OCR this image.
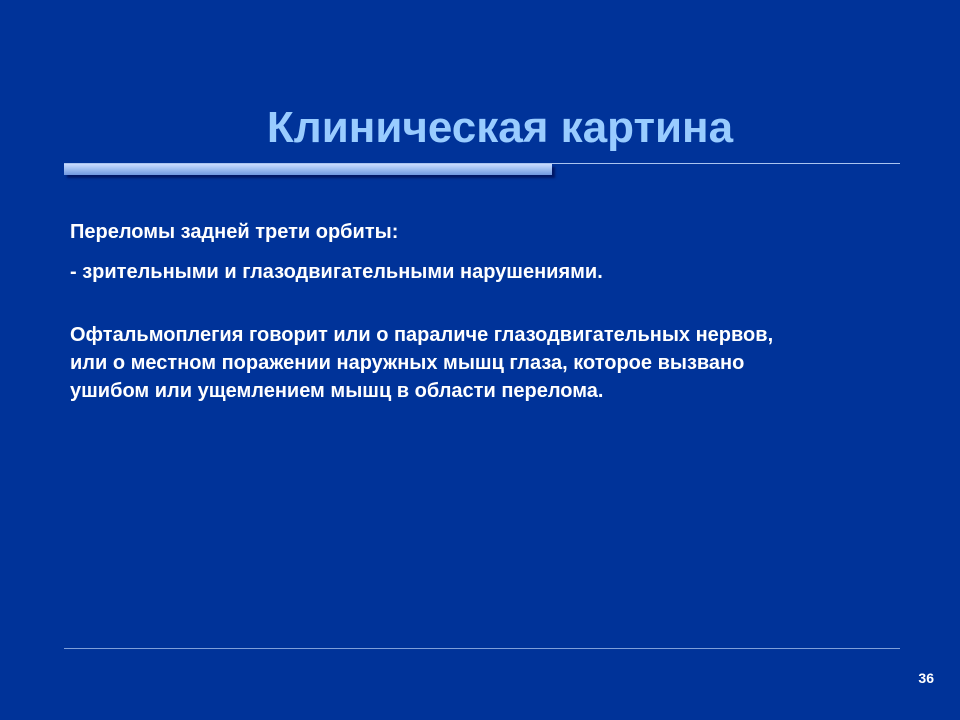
Клиническая картина

Переломы задней трети орбиты:

- зрительными и глазодвигательными нарушениями.

Офтальмоплегия говорит или о параличе глазодвигательных нервов,
или о местном поражении наружных мышц глаза, которое вызвано
ушибом или ущемлением мышц в области перелома.

36
